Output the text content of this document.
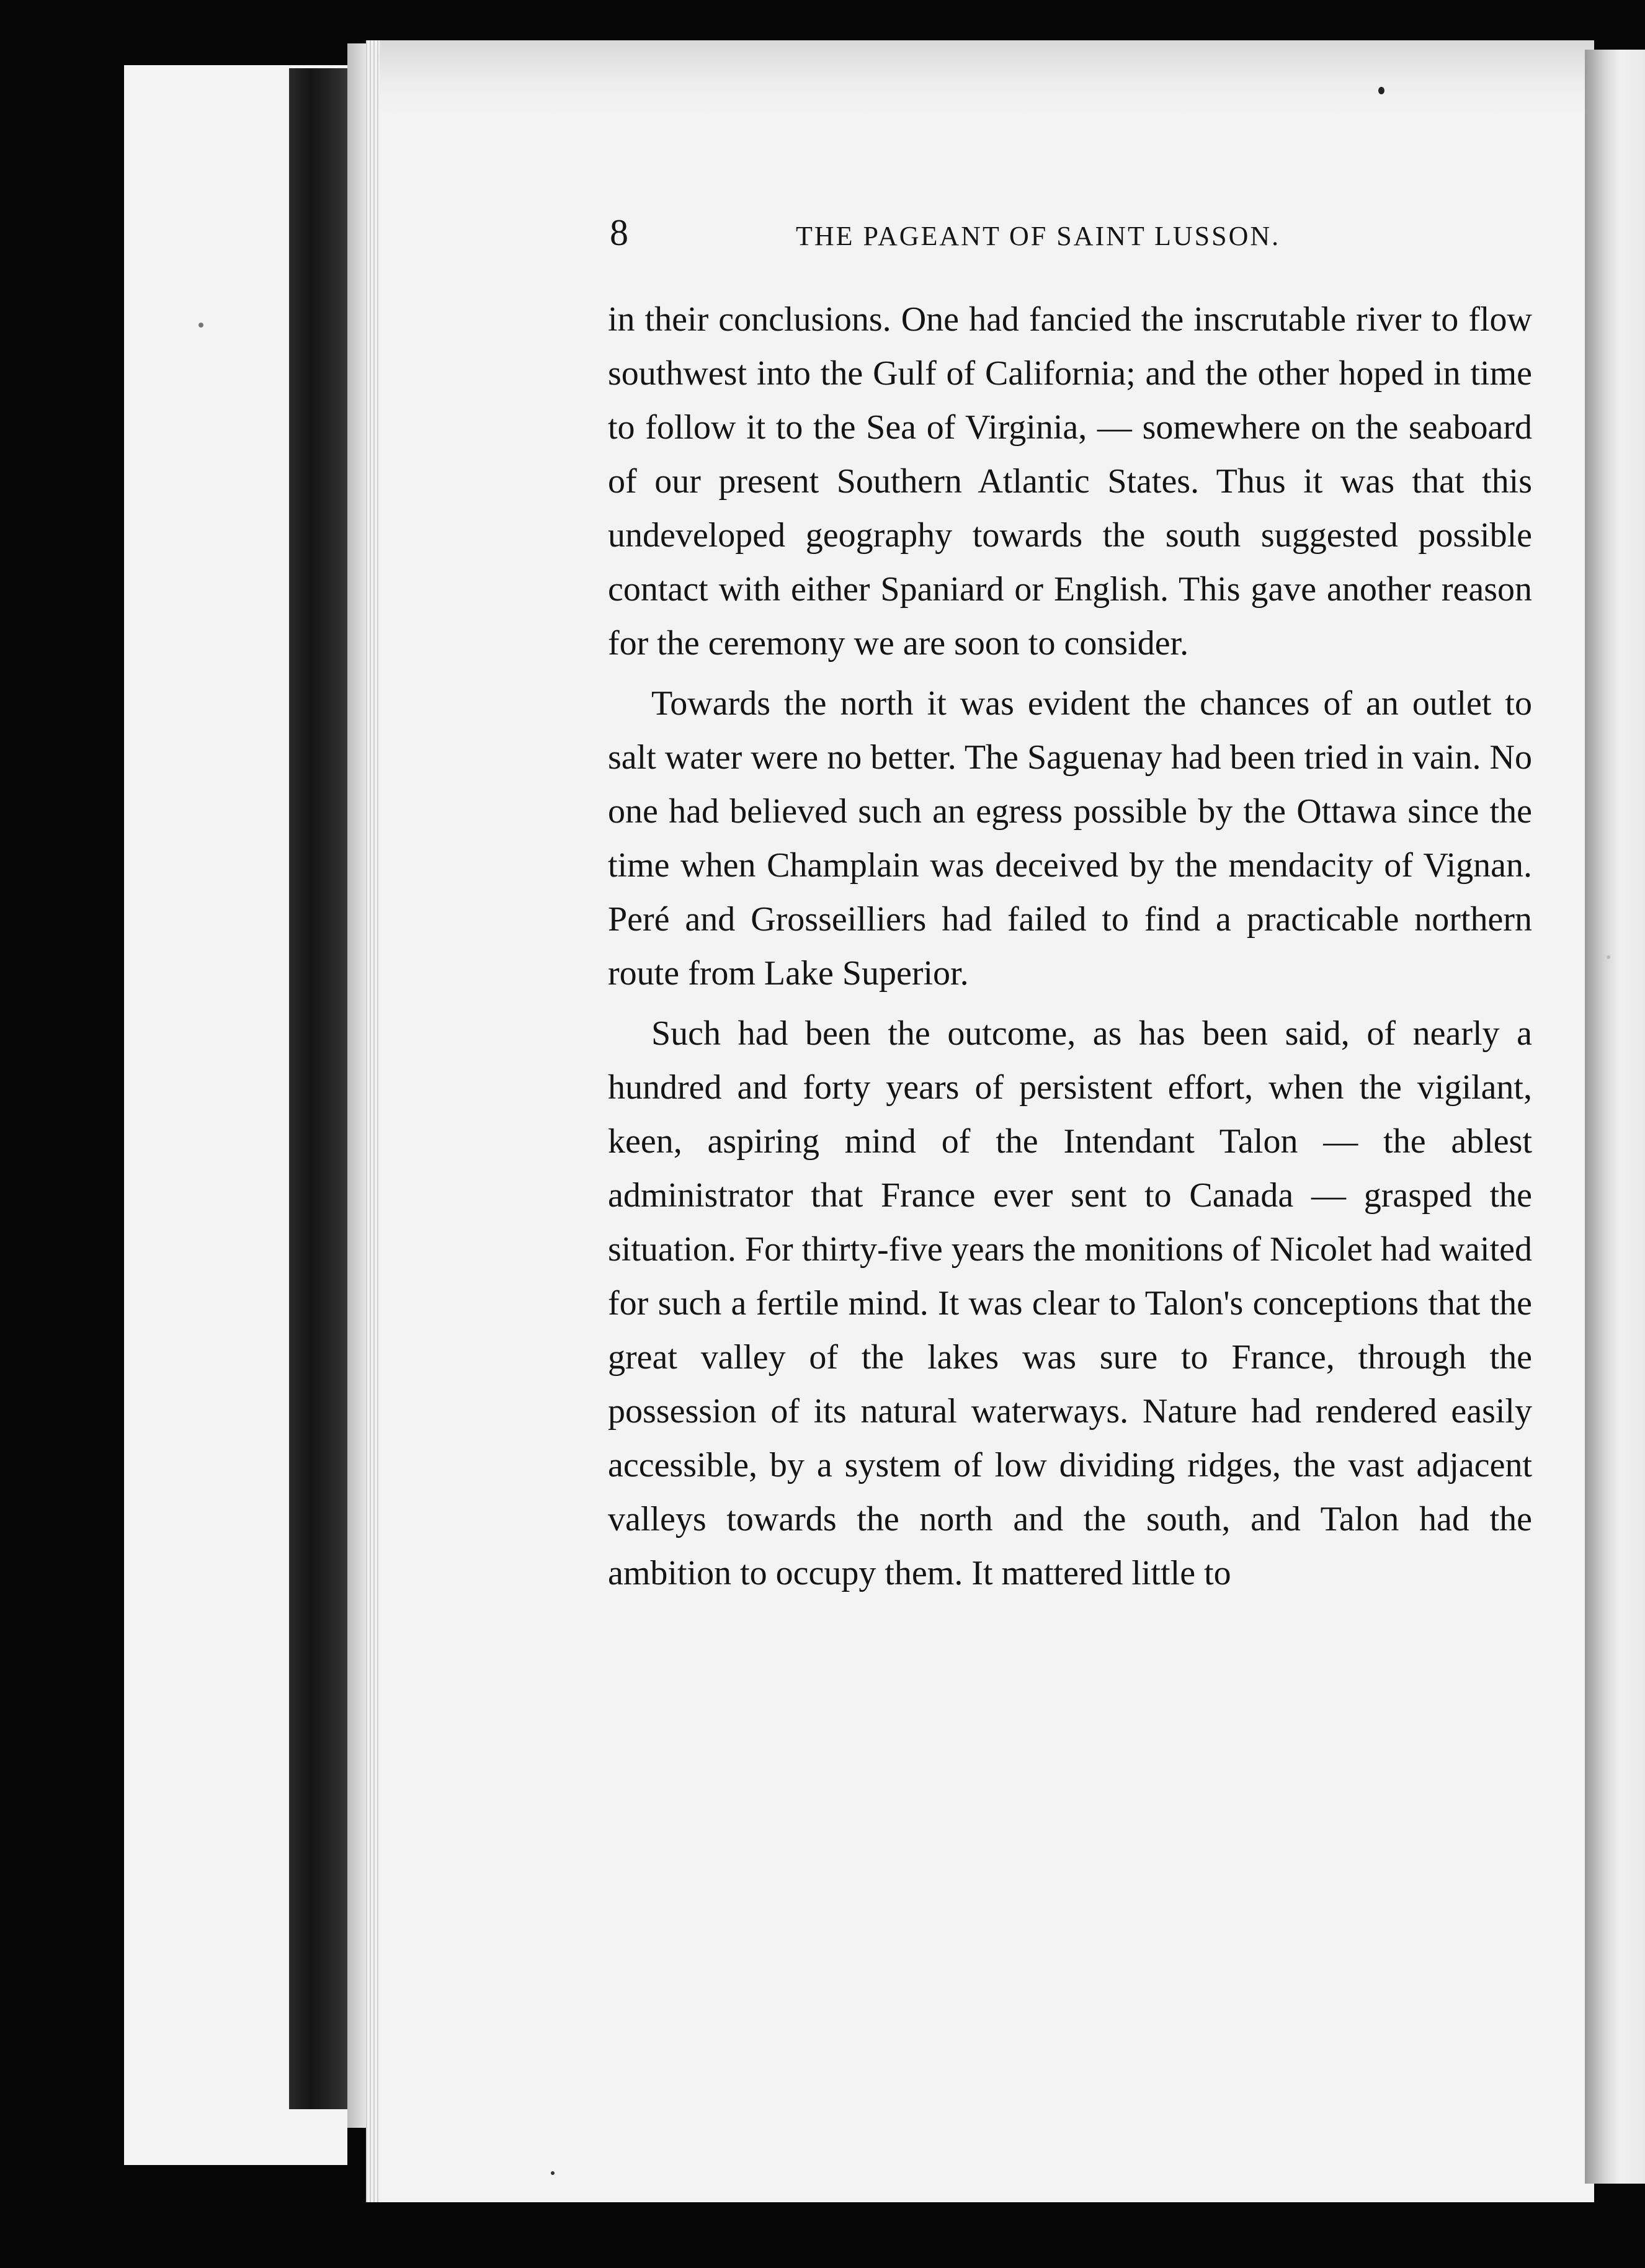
8	THE PAGEANT OF SAINT LUSSON.

in their conclusions. One had fancied the inscrutable river to flow southwest into the Gulf of California; and the other hoped in time to follow it to the Sea of Virginia, — somewhere on the seaboard of our present Southern Atlantic States. Thus it was that this undeveloped geography towards the south suggested possible contact with either Spaniard or English. This gave another reason for the ceremony we are soon to consider.

Towards the north it was evident the chances of an outlet to salt water were no better. The Saguenay had been tried in vain. No one had believed such an egress possible by the Ottawa since the time when Champlain was deceived by the mendacity of Vignan. Peré and Grosseilliers had failed to find a practicable northern route from Lake Superior.

Such had been the outcome, as has been said, of nearly a hundred and forty years of persistent effort, when the vigilant, keen, aspiring mind of the Intendant Talon — the ablest administrator that France ever sent to Canada — grasped the situation. For thirty-five years the monitions of Nicolet had waited for such a fertile mind. It was clear to Talon's conceptions that the great valley of the lakes was sure to France, through the possession of its natural waterways. Nature had rendered easily accessible, by a system of low dividing ridges, the vast adjacent valleys towards the north and the south, and Talon had the ambition to occupy them. It mattered little to
